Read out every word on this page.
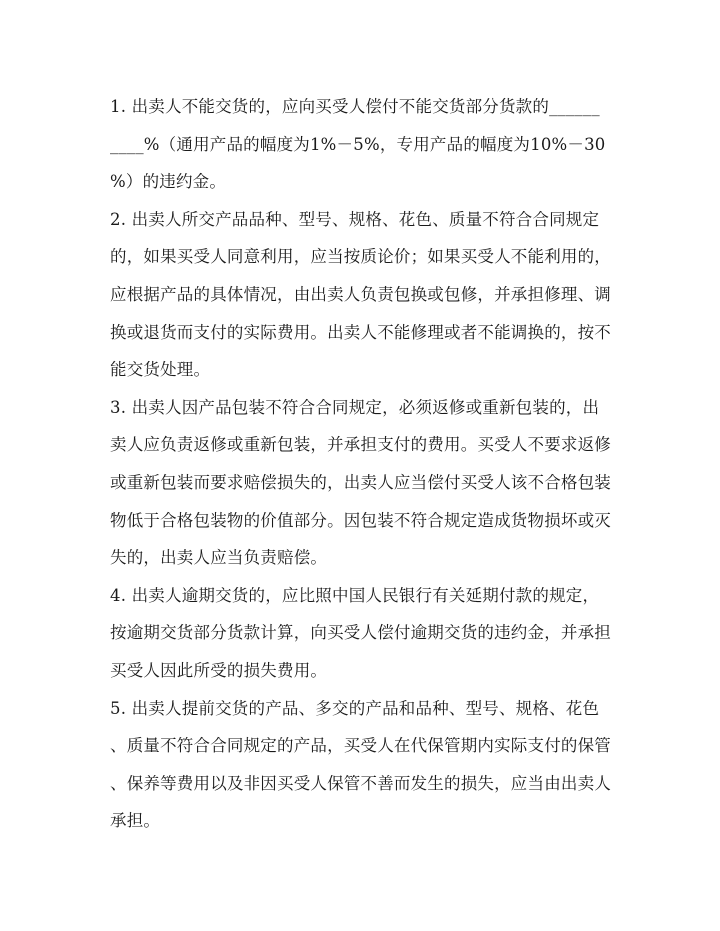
1. 出卖人不能交货的，应向买受人偿付不能交货部分货款的______
____%（通用产品的幅度为1%－5%，专用产品的幅度为10%－30
%）的违约金。
2. 出卖人所交产品品种、型号、规格、花色、质量不符合合同规定
的，如果买受人同意利用，应当按质论价；如果买受人不能利用的，
应根据产品的具体情况，由出卖人负责包换或包修，并承担修理、调
换或退货而支付的实际费用。出卖人不能修理或者不能调换的，按不
能交货处理。
3. 出卖人因产品包装不符合合同规定，必须返修或重新包装的，出
卖人应负责返修或重新包装，并承担支付的费用。买受人不要求返修
或重新包装而要求赔偿损失的，出卖人应当偿付买受人该不合格包装
物低于合格包装物的价值部分。因包装不符合规定造成货物损坏或灭
失的，出卖人应当负责赔偿。
4. 出卖人逾期交货的，应比照中国人民银行有关延期付款的规定，
按逾期交货部分货款计算，向买受人偿付逾期交货的违约金，并承担
买受人因此所受的损失费用。
5. 出卖人提前交货的产品、多交的产品和品种、型号、规格、花色
、质量不符合合同规定的产品，买受人在代保管期内实际支付的保管
、保养等费用以及非因买受人保管不善而发生的损失，应当由出卖人
承担。
